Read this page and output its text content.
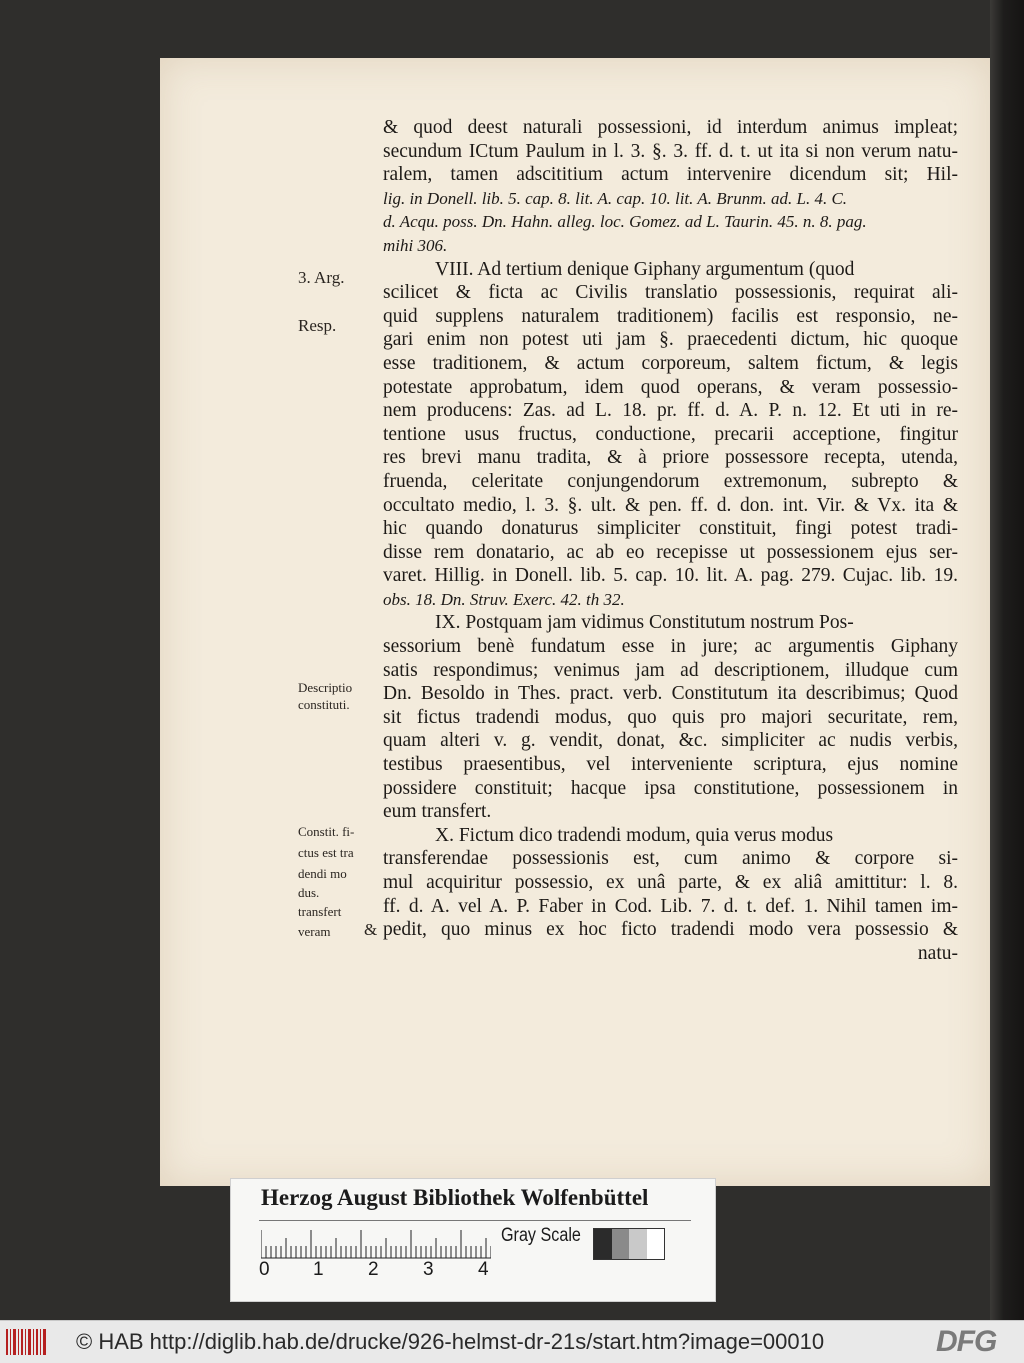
& quod deest naturali possessioni, id interdum animus impleat;
secundum ICtum Paulum in l. 3. §. 3. ff. d. t. ut ita si non verum natu-
ralem, tamen adscititium actum intervenire dicendum sit; Hil-
lig. in Donell. lib. 5. cap. 8. lit. A. cap. 10. lit. A. Brunm. ad. L. 4. C.
d. Acqu. poss. Dn. Hahn. alleg. loc. Gomez. ad L. Taurin. 45. n. 8. pag.
mihi 306.
VIII. Ad tertium denique Giphany argumentum (quod
scilicet & ficta ac Civilis translatio possessionis, requirat ali-
quid supplens naturalem traditionem) facilis est responsio, ne-
gari enim non potest uti jam §. praecedenti dictum, hic quoque
esse traditionem, & actum corporeum, saltem fictum, & legis
potestate approbatum, idem quod operans, & veram possessio-
nem producens: Zas. ad L. 18. pr. ff. d. A. P. n. 12. Et uti in re-
tentione usus fructus, conductione, precarii acceptione, fingitur
res brevi manu tradita, & à priore possessore recepta, utenda,
fruenda, celeritate conjungendorum extremonum, subrepto &
occultato medio, l. 3. §. ult. & pen. ff. d. don. int. Vir. & Vx. ita &
hic quando donaturus simpliciter constituit, fingi potest tradi-
disse rem donatario, ac ab eo recepisse ut possessionem ejus ser-
varet. Hillig. in Donell. lib. 5. cap. 10. lit. A. pag. 279. Cujac. lib. 19.
obs. 18. Dn. Struv. Exerc. 42. th 32.
IX. Postquam jam vidimus Constitutum nostrum Pos-
sessorium benè fundatum esse in jure; ac argumentis Giphany
satis respondimus; venimus jam ad descriptionem, illudque cum
Dn. Besoldo in Thes. pract. verb. Constitutum ita describimus; Quod
sit fictus tradendi modus, quo quis pro majori securitate, rem,
quam alteri v. g. vendit, donat, &c. simpliciter ac nudis verbis,
testibus praesentibus, vel interveniente scriptura, ejus nomine
possidere constituit; hacque ipsa constitutione, possessionem in
eum transfert.
X. Fictum dico tradendi modum, quia verus modus
transferendae possessionis est, cum animo & corpore si-
mul acquiritur possessio, ex unâ parte, & ex aliâ amittitur: l. 8.
ff. d. A. vel A. P. Faber in Cod. Lib. 7. d. t. def. 1. Nihil tamen im-
pedit, quo minus ex hoc ficto tradendi modo vera possessio &
natu-
3. Arg.
Resp.
Descriptio
constituti.
Constit. fi-
ctus est tra
dendi mo
dus.
transfert
veram &
Herzog August Bibliothek Wolfenbüttel
0 1 2 3 4
Gray Scale
© HAB http://diglib.hab.de/drucke/926-helmst-dr-21s/start.htm?image=00010	DFG
